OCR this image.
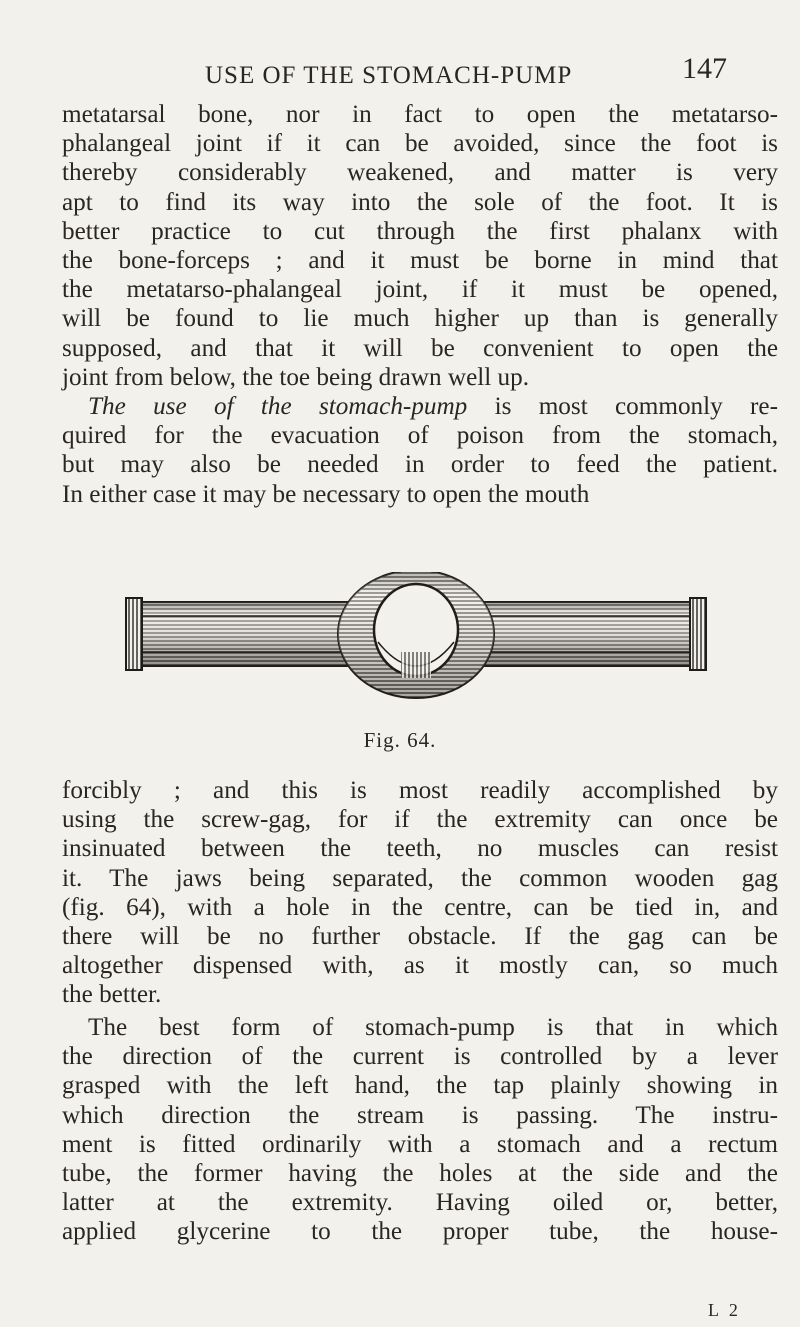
USE OF THE STOMACH-PUMP	147
metatarsal bone, nor in fact to open the metatarso-
phalangeal joint if it can be avoided, since the foot is
thereby considerably weakened, and matter is very
apt to find its way into the sole of the foot. It is
better practice to cut through the first phalanx with
the bone-forceps ; and it must be borne in mind that
the metatarso-phalangeal joint, if it must be opened,
will be found to lie much higher up than is generally
supposed, and that it will be convenient to open the
joint from below, the toe being drawn well up.
The use of the stomach-pump is most commonly re-
quired for the evacuation of poison from the stomach,
but may also be needed in order to feed the patient.
In either case it may be necessary to open the mouth
Fig. 64.
forcibly ; and this is most readily accomplished by
using the screw-gag, for if the extremity can once be
insinuated between the teeth, no muscles can resist
it. The jaws being separated, the common wooden gag
(fig. 64), with a hole in the centre, can be tied in, and
there will be no further obstacle. If the gag can be
altogether dispensed with, as it mostly can, so much
the better.
The best form of stomach-pump is that in which
the direction of the current is controlled by a lever
grasped with the left hand, the tap plainly showing in
which direction the stream is passing. The instru-
ment is fitted ordinarily with a stomach and a rectum
tube, the former having the holes at the side and the
latter at the extremity. Having oiled or, better,
applied glycerine to the proper tube, the house-
L 2
